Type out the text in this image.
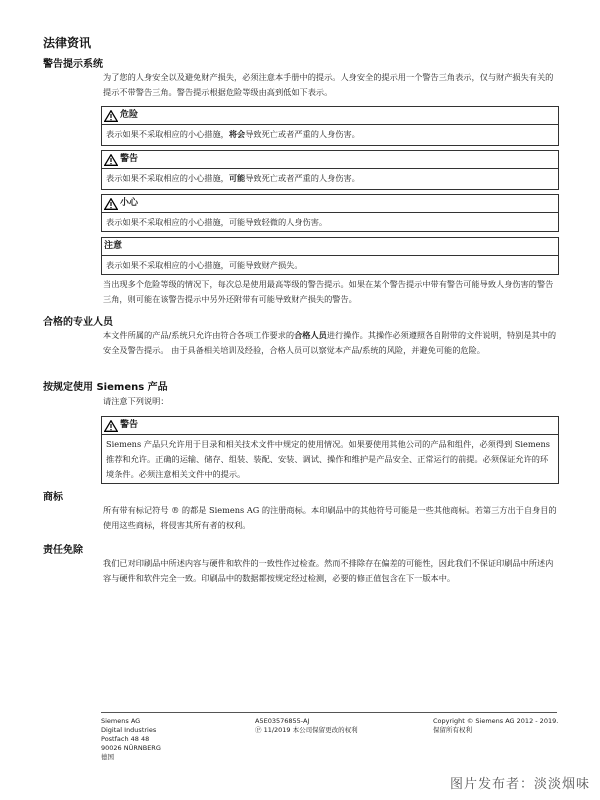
法律资讯
警告提示系统
为了您的人身安全以及避免财产损失，必须注意本手册中的提示。人身安全的提示用一个警告三角表示，仅与财产损失有关的提示不带警告三角。警告提示根据危险等级由高到低如下表示。
危险
表示如果不采取相应的小心措施，将会导致死亡或者严重的人身伤害。
警告
表示如果不采取相应的小心措施，可能导致死亡或者严重的人身伤害。
小心
表示如果不采取相应的小心措施，可能导致轻微的人身伤害。
注意
表示如果不采取相应的小心措施，可能导致财产损失。
当出现多个危险等级的情况下，每次总是使用最高等级的警告提示。如果在某个警告提示中带有警告可能导致人身伤害的警告三角，则可能在该警告提示中另外还附带有可能导致财产损失的警告。
合格的专业人员
本文件所属的产品/系统只允许由符合各项工作要求的合格人员进行操作。其操作必须遵照各自附带的文件说明，特别是其中的安全及警告提示。 由于具备相关培训及经验，合格人员可以察觉本产品/系统的风险，并避免可能的危险。
按规定使用 Siemens 产品
请注意下列说明：
警告
Siemens 产品只允许用于目录和相关技术文件中规定的使用情况。如果要使用其他公司的产品和组件，必须得到 Siemens 推荐和允许。正确的运输、储存、组装、装配、安装、调试、操作和维护是产品安全、正常运行的前提。必须保证允许的环境条件。必须注意相关文件中的提示。
商标
所有带有标记符号 ® 的都是 Siemens AG 的注册商标。本印刷品中的其他符号可能是一些其他商标。若第三方出于自身目的使用这些商标，将侵害其所有者的权利。
责任免除
我们已对印刷品中所述内容与硬件和软件的一致性作过检查。然而不排除存在偏差的可能性，因此我们不保证印刷品中所述内容与硬件和软件完全一致。印刷品中的数据都按规定经过检测，必要的修正值包含在下一版本中。
Siemens AG
Digital Industries
Postfach 48 48
90026 NÜRNBERG
德国
A5E03576855-AJ
Ⓟ 11/2019 本公司保留更改的权利
Copyright © Siemens AG 2012 - 2019.
保留所有权利
图片发布者：淡淡烟味
